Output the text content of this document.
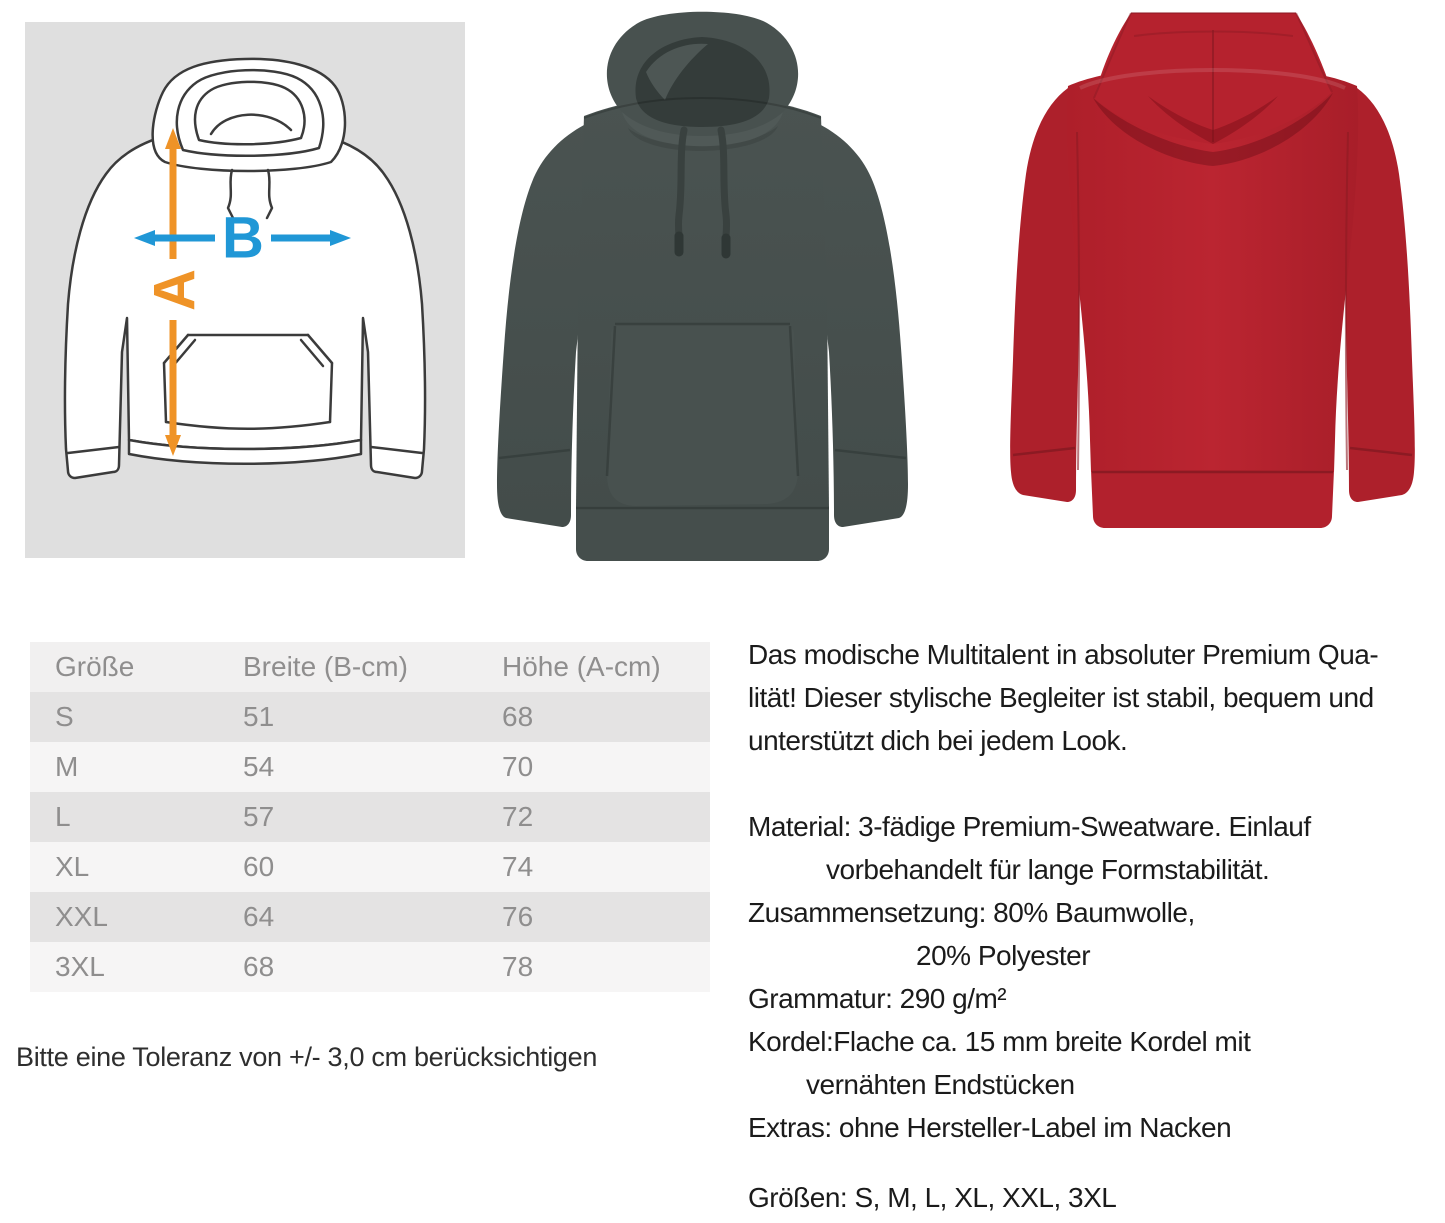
A
B
Größe	Breite (B-cm)	Höhe (A-cm)
S	51	68
M	54	70
L	57	72
XL	60	74
XXL	64	76
3XL	68	78
Bitte eine Toleranz von +/- 3,0 cm berücksichtigen
Das modische Multitalent in absoluter Premium Qua-
lität! Dieser stylische Begleiter ist stabil, bequem und
unterstützt dich bei jedem Look.
Material: 3-fädige Premium-Sweatware. Einlauf
vorbehandelt für lange Formstabilität.
Zusammensetzung: 80% Baumwolle,
20% Polyester
Grammatur: 290 g/m²
Kordel:Flache ca. 15 mm breite Kordel mit
vernähten Endstücken
Extras: ohne Hersteller-Label im Nacken
Größen: S, M, L, XL, XXL, 3XL
